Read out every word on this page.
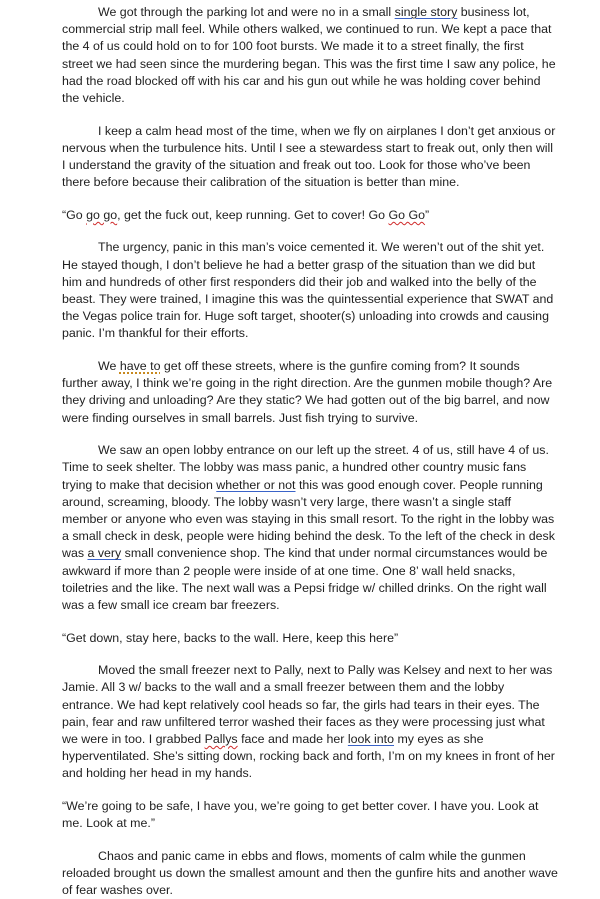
We got through the parking lot and were no in a small single story business lot, commercial strip mall feel. While others walked, we continued to run. We kept a pace that the 4 of us could hold on to for 100 foot bursts. We made it to a street finally, the first street we had seen since the murdering began. This was the first time I saw any police, he had the road blocked off with his car and his gun out while he was holding cover behind the vehicle.

I keep a calm head most of the time, when we fly on airplanes I don’t get anxious or nervous when the turbulence hits. Until I see a stewardess start to freak out, only then will I understand the gravity of the situation and freak out too. Look for those who’ve been there before because their calibration of the situation is better than mine.

“Go go go, get the fuck out, keep running. Get to cover! Go Go Go”

The urgency, panic in this man’s voice cemented it. We weren’t out of the shit yet. He stayed though, I don’t believe he had a better grasp of the situation than we did but him and hundreds of other first responders did their job and walked into the belly of the beast. They were trained, I imagine this was the quintessential experience that SWAT and the Vegas police train for. Huge soft target, shooter(s) unloading into crowds and causing panic. I’m thankful for their efforts.

We have to get off these streets, where is the gunfire coming from? It sounds further away, I think we’re going in the right direction. Are the gunmen mobile though? Are they driving and unloading? Are they static? We had gotten out of the big barrel, and now were finding ourselves in small barrels. Just fish trying to survive.

We saw an open lobby entrance on our left up the street. 4 of us, still have 4 of us. Time to seek shelter. The lobby was mass panic, a hundred other country music fans trying to make that decision whether or not this was good enough cover. People running around, screaming, bloody. The lobby wasn’t very large, there wasn’t a single staff member or anyone who even was staying in this small resort. To the right in the lobby was a small check in desk, people were hiding behind the desk. To the left of the check in desk was a very small convenience shop. The kind that under normal circumstances would be awkward if more than 2 people were inside of at one time. One 8’ wall held snacks, toiletries and the like. The next wall was a Pepsi fridge w/ chilled drinks. On the right wall was a few small ice cream bar freezers.

“Get down, stay here, backs to the wall. Here, keep this here”

Moved the small freezer next to Pally, next to Pally was Kelsey and next to her was Jamie. All 3 w/ backs to the wall and a small freezer between them and the lobby entrance. We had kept relatively cool heads so far, the girls had tears in their eyes. The pain, fear and raw unfiltered terror washed their faces as they were processing just what we were in too. I grabbed Pallys face and made her look into my eyes as she hyperventilated. She’s sitting down, rocking back and forth, I’m on my knees in front of her and holding her head in my hands.

“We’re going to be safe, I have you, we’re going to get better cover. I have you. Look at me. Look at me.”

Chaos and panic came in ebbs and flows, moments of calm while the gunmen reloaded brought us down the smallest amount and then the gunfire hits and another wave of fear washes over.
